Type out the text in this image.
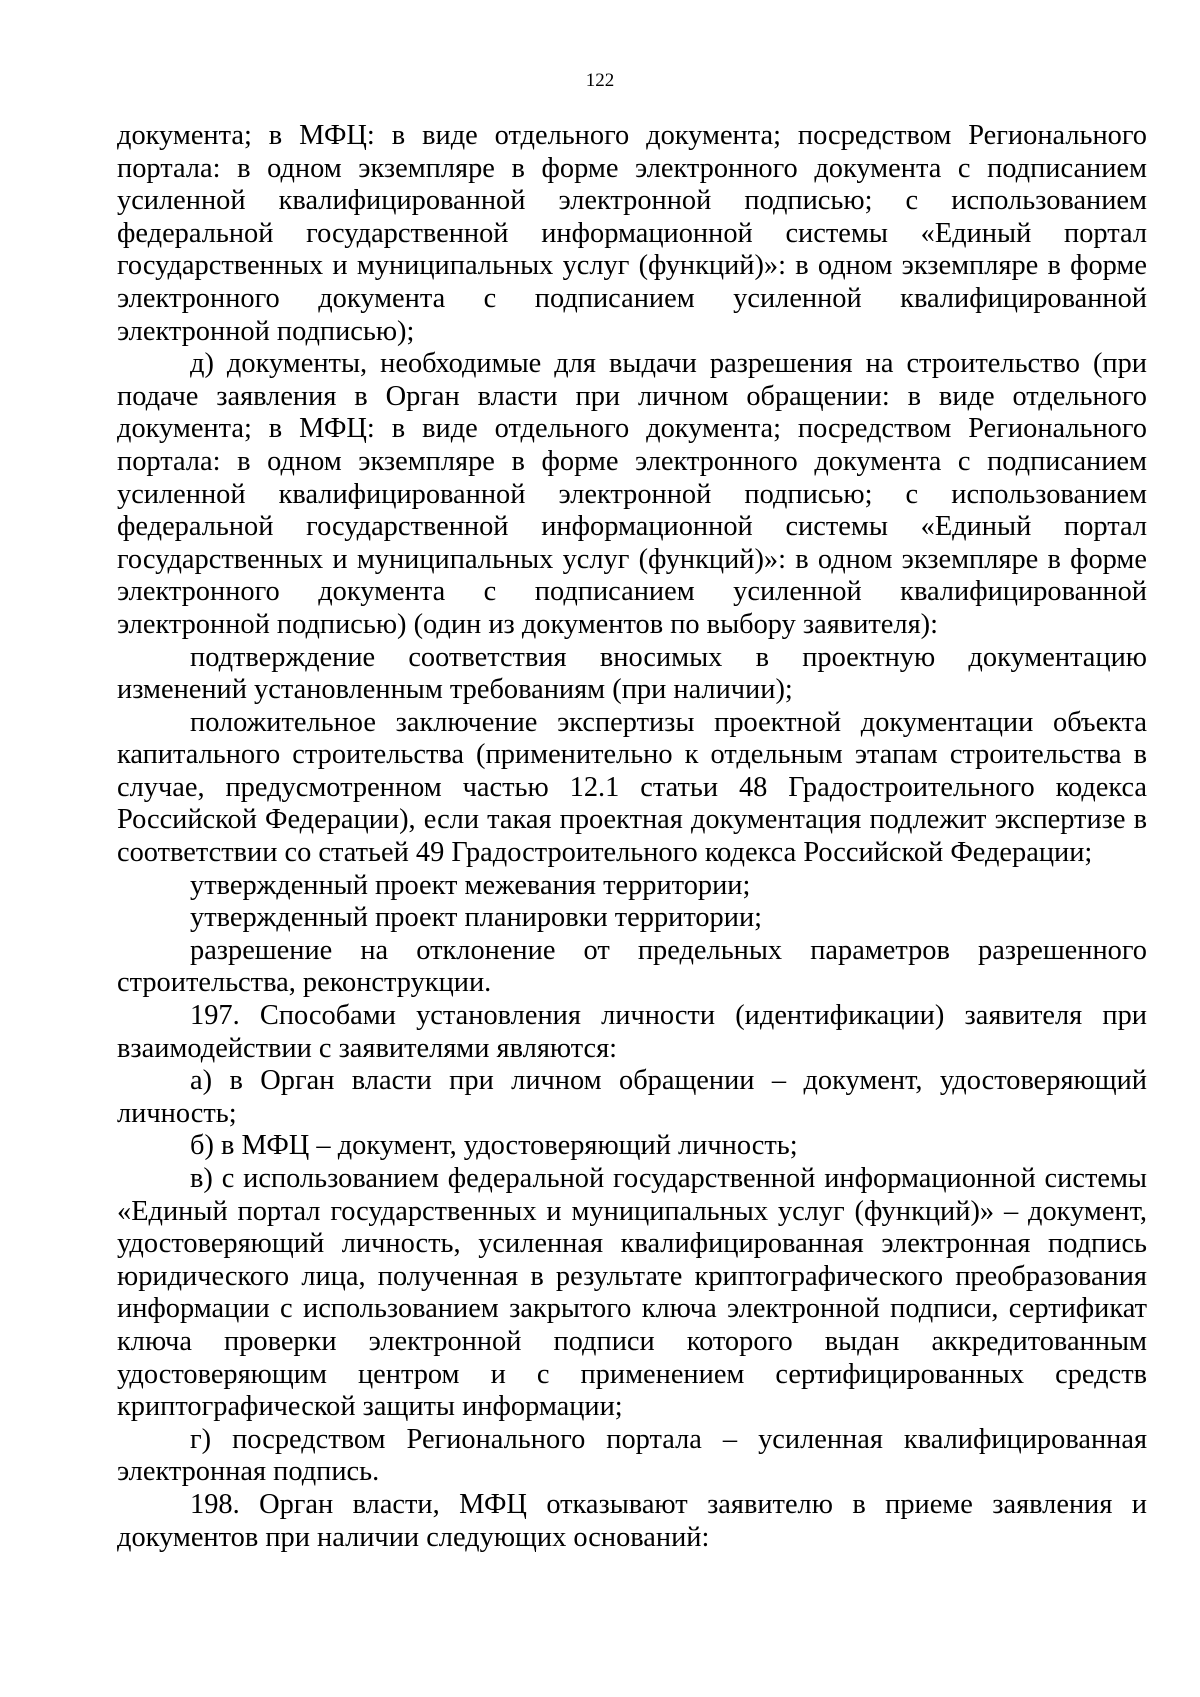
122

документа; в МФЦ: в виде отдельного документа; посредством Регионального портала: в одном экземпляре в форме электронного документа с подписанием усиленной квалифицированной электронной подписью; с использованием федеральной государственной информационной системы «Единый портал государственных и муниципальных услуг (функций)»: в одном экземпляре в форме электронного документа с подписанием усиленной квалифицированной электронной подписью);

д) документы, необходимые для выдачи разрешения на строительство (при подаче заявления в Орган власти при личном обращении: в виде отдельного документа; в МФЦ: в виде отдельного документа; посредством Регионального портала: в одном экземпляре в форме электронного документа с подписанием усиленной квалифицированной электронной подписью; с использованием федеральной государственной информационной системы «Единый портал государственных и муниципальных услуг (функций)»: в одном экземпляре в форме электронного документа с подписанием усиленной квалифицированной электронной подписью) (один из документов по выбору заявителя):

подтверждение соответствия вносимых в проектную документацию изменений установленным требованиям (при наличии);

положительное заключение экспертизы проектной документации объекта капитального строительства (применительно к отдельным этапам строительства в случае, предусмотренном частью 12.1 статьи 48 Градостроительного кодекса Российской Федерации), если такая проектная документация подлежит экспертизе в соответствии со статьей 49 Градостроительного кодекса Российской Федерации;

утвержденный проект межевания территории;

утвержденный проект планировки территории;

разрешение на отклонение от предельных параметров разрешенного строительства, реконструкции.

197. Способами установления личности (идентификации) заявителя при взаимодействии с заявителями являются:

а) в Орган власти при личном обращении – документ, удостоверяющий личность;

б) в МФЦ – документ, удостоверяющий личность;

в) с использованием федеральной государственной информационной системы «Единый портал государственных и муниципальных услуг (функций)» – документ, удостоверяющий личность, усиленная квалифицированная электронная подпись юридического лица, полученная в результате криптографического преобразования информации с использованием закрытого ключа электронной подписи, сертификат ключа проверки электронной подписи которого выдан аккредитованным удостоверяющим центром и с применением сертифицированных средств криптографической защиты информации;

г) посредством Регионального портала – усиленная квалифицированная электронная подпись.

198. Орган власти, МФЦ отказывают заявителю в приеме заявления и документов при наличии следующих оснований:
